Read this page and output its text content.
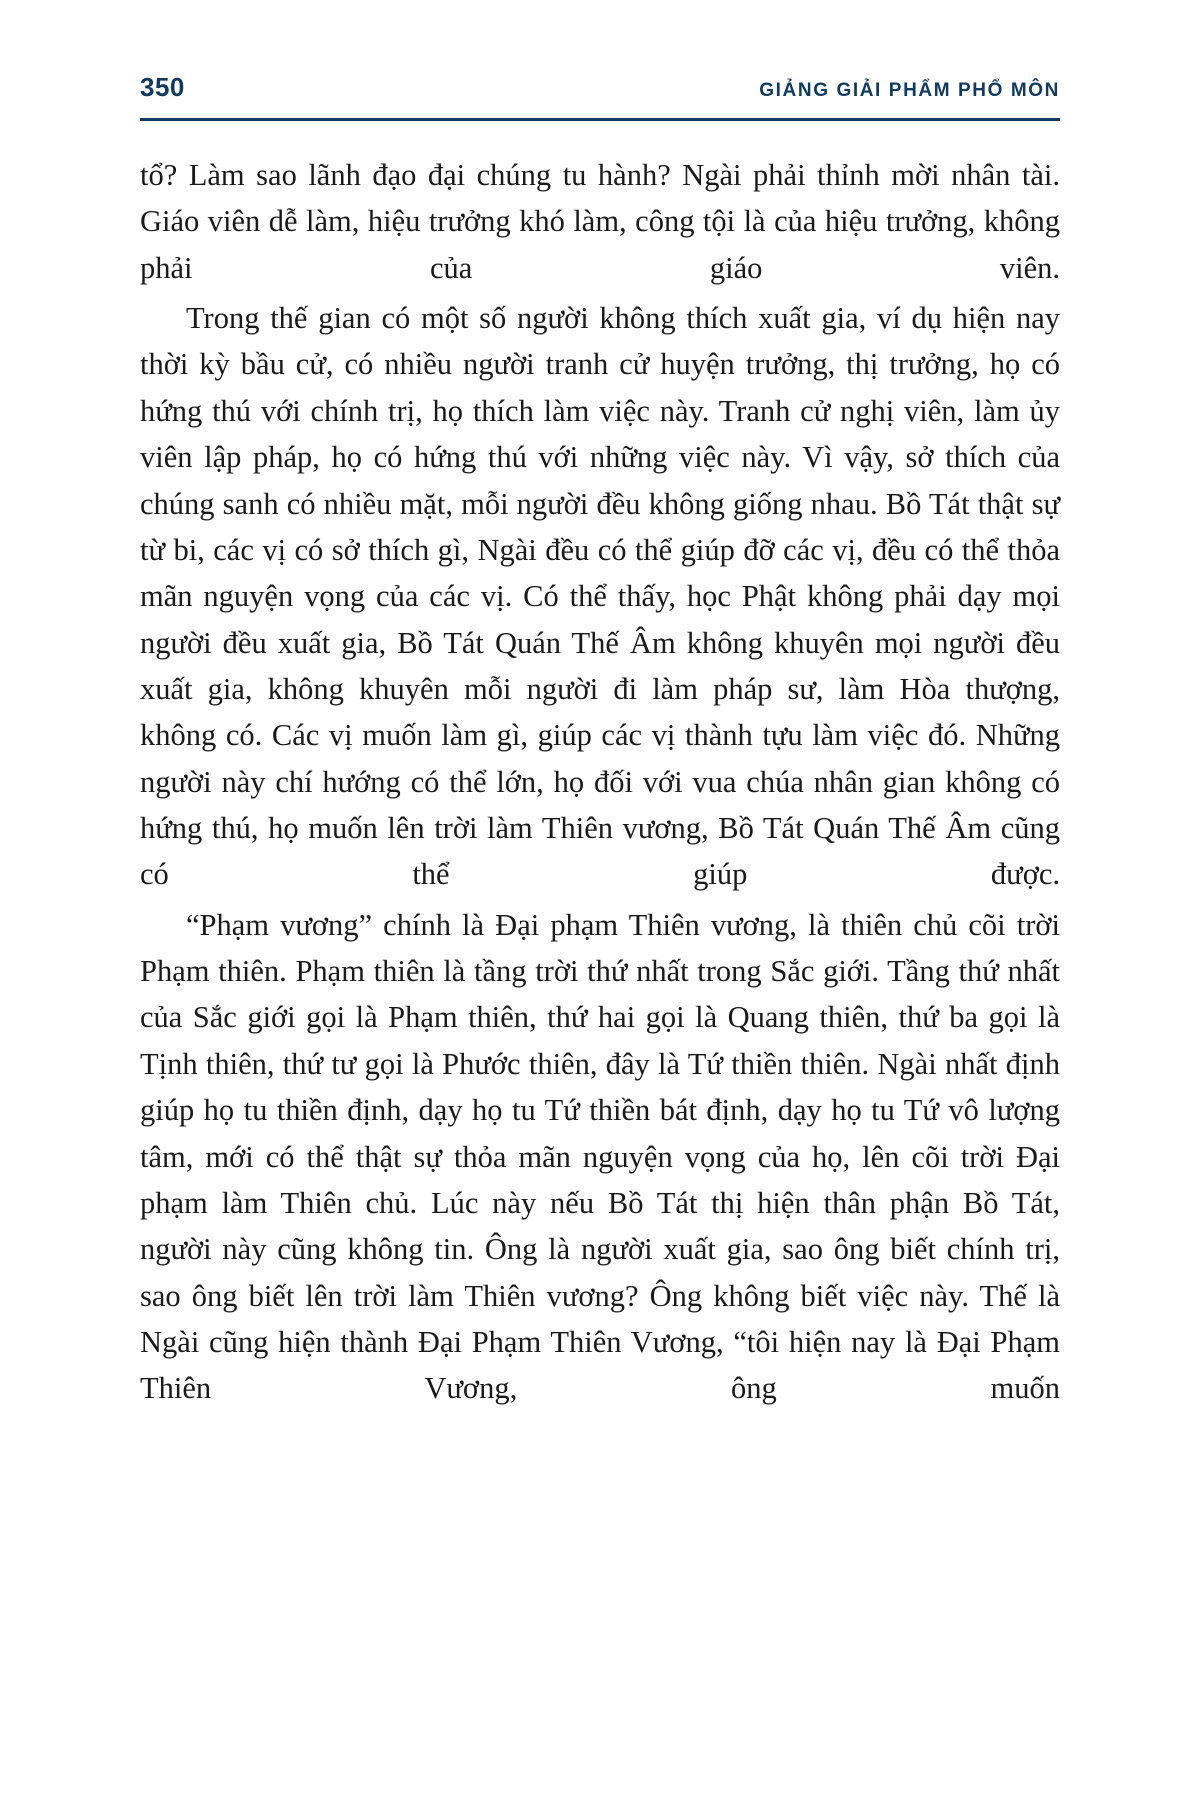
350	GIẢNG GIẢI PHẨM PHỔ MÔN

tổ? Làm sao lãnh đạo đại chúng tu hành? Ngài phải thỉnh mời nhân tài. Giáo viên dễ làm, hiệu trưởng khó làm, công tội là của hiệu trưởng, không phải của giáo viên.

Trong thế gian có một số người không thích xuất gia, ví dụ hiện nay thời kỳ bầu cử, có nhiều người tranh cử huyện trưởng, thị trưởng, họ có hứng thú với chính trị, họ thích làm việc này. Tranh cử nghị viên, làm ủy viên lập pháp, họ có hứng thú với những việc này. Vì vậy, sở thích của chúng sanh có nhiều mặt, mỗi người đều không giống nhau. Bồ Tát thật sự từ bi, các vị có sở thích gì, Ngài đều có thể giúp đỡ các vị, đều có thể thỏa mãn nguyện vọng của các vị. Có thể thấy, học Phật không phải dạy mọi người đều xuất gia, Bồ Tát Quán Thế Âm không khuyên mọi người đều xuất gia, không khuyên mỗi người đi làm pháp sư, làm Hòa thượng, không có. Các vị muốn làm gì, giúp các vị thành tựu làm việc đó. Những người này chí hướng có thể lớn, họ đối với vua chúa nhân gian không có hứng thú, họ muốn lên trời làm Thiên vương, Bồ Tát Quán Thế Âm cũng có thể giúp được.

“Phạm vương” chính là Đại phạm Thiên vương, là thiên chủ cõi trời Phạm thiên. Phạm thiên là tầng trời thứ nhất trong Sắc giới. Tầng thứ nhất của Sắc giới gọi là Phạm thiên, thứ hai gọi là Quang thiên, thứ ba gọi là Tịnh thiên, thứ tư gọi là Phước thiên, đây là Tứ thiền thiên. Ngài nhất định giúp họ tu thiền định, dạy họ tu Tứ thiền bát định, dạy họ tu Tứ vô lượng tâm, mới có thể thật sự thỏa mãn nguyện vọng của họ, lên cõi trời Đại phạm làm Thiên chủ. Lúc này nếu Bồ Tát thị hiện thân phận Bồ Tát, người này cũng không tin. Ông là người xuất gia, sao ông biết chính trị, sao ông biết lên trời làm Thiên vương? Ông không biết việc này. Thế là Ngài cũng hiện thành Đại Phạm Thiên Vương, “tôi hiện nay là Đại Phạm Thiên Vương, ông muốn
